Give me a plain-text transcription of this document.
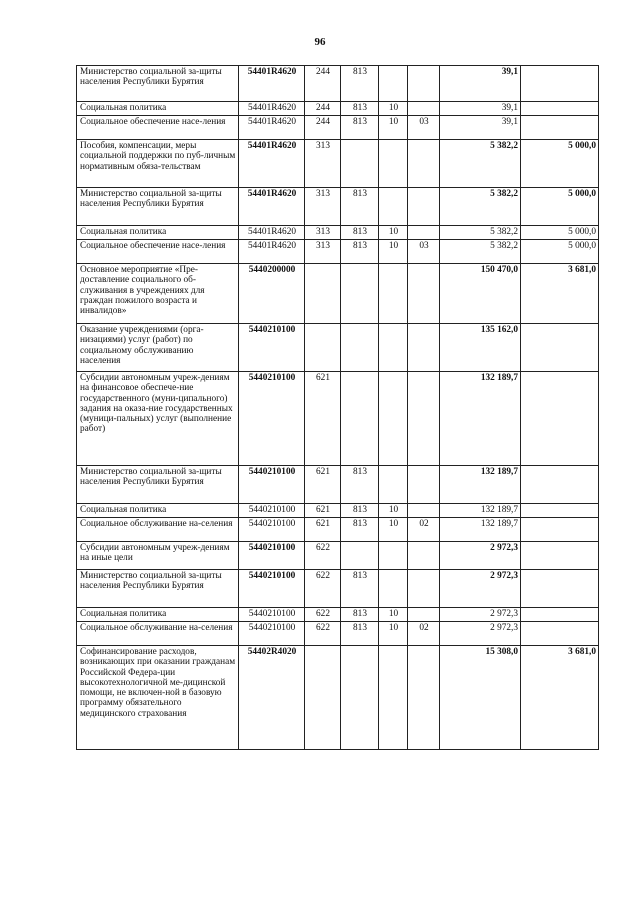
96
Министерство социальной за-щиты населения Республики Бурятия	54401R4620	244	813			39,1	
Социальная политика	54401R4620	244	813	10		39,1	
Социальное обеспечение насе-ления	54401R4620	244	813	10	03	39,1	
Пособия, компенсации, меры социальной поддержки по пуб-личным нормативным обяза-тельствам	54401R4620	313				5 382,2	5 000,0
Министерство социальной за-щиты населения Республики Бурятия	54401R4620	313	813			5 382,2	5 000,0
Социальная политика	54401R4620	313	813	10		5 382,2	5 000,0
Социальное обеспечение насе-ления	54401R4620	313	813	10	03	5 382,2	5 000,0
Основное мероприятие «Пре-доставление социального об-служивания в учреждениях для граждан пожилого возраста и инвалидов»	5440200000					150 470,0	3 681,0
Оказание учреждениями (орга-низациями) услуг (работ) по социальному обслуживанию населения	5440210100					135 162,0	
Субсидии автономным учреж-дениям на финансовое обеспече-ние государственного (муни-ципального) задания на оказа-ние государственных (муници-пальных) услуг (выполнение работ)	5440210100	621				132 189,7	
Министерство социальной за-щиты населения Республики Бурятия	5440210100	621	813			132 189,7	
Социальная политика	5440210100	621	813	10		132 189,7	
Социальное обслуживание на-селения	5440210100	621	813	10	02	132 189,7	
Субсидии автономным учреж-дениям на иные цели	5440210100	622				2 972,3	
Министерство социальной за-щиты населения Республики Бурятия	5440210100	622	813			2 972,3	
Социальная политика	5440210100	622	813	10		2 972,3	
Социальное обслуживание на-селения	5440210100	622	813	10	02	2 972,3	
Софинансирование расходов, возникающих при оказании гражданам Российской Федера-ции высокотехнологичной ме-дицинской помощи, не включен-ной в базовую программу обязательного медицинского страхования	54402R4020					15 308,0	3 681,0
